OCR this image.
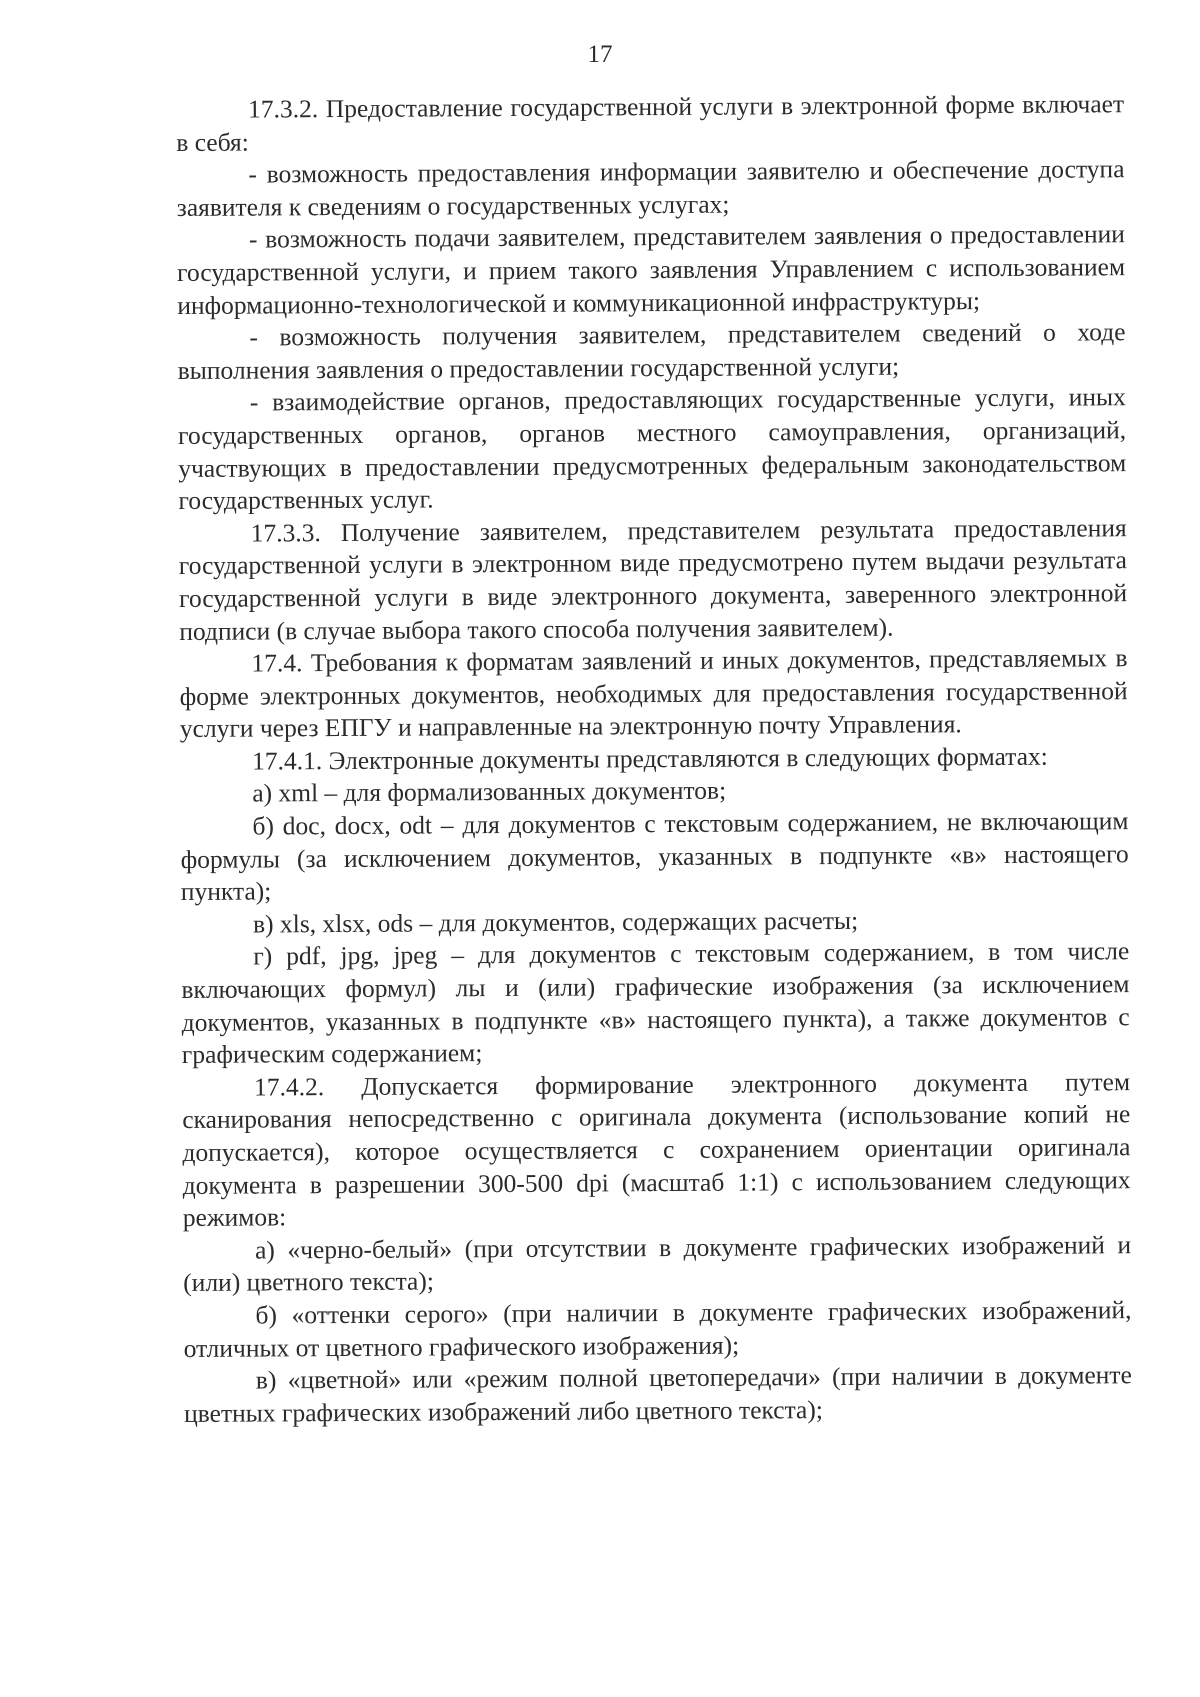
17

17.3.2. Предоставление государственной услуги в электронной форме включает в себя:

- возможность предоставления информации заявителю и обеспечение доступа заявителя к сведениям о государственных услугах;

- возможность подачи заявителем, представителем заявления о предоставлении государственной услуги, и прием такого заявления Управлением с использованием информационно-технологической и коммуникационной инфраструктуры;

- возможность получения заявителем, представителем сведений о ходе выполнения заявления о предоставлении государственной услуги;

- взаимодействие органов, предоставляющих государственные услуги, иных государственных органов, органов местного самоуправления, организаций, участвующих в предоставлении предусмотренных федеральным законодательством государственных услуг.

17.3.3. Получение заявителем, представителем результата предоставления государственной услуги в электронном виде предусмотрено путем выдачи результата государственной услуги в виде электронного документа, заверенного электронной подписи (в случае выбора такого способа получения заявителем).

17.4. Требования к форматам заявлений и иных документов, представляемых в форме электронных документов, необходимых для предоставления государственной услуги через ЕПГУ и направленные на электронную почту Управления.

17.4.1. Электронные документы представляются в следующих форматах:

а) xml – для формализованных документов;

б) doc, docx, odt – для документов с текстовым содержанием, не включающим формулы (за исключением документов, указанных в подпункте «в» настоящего пункта);

в) xls, xlsx, ods – для документов, содержащих расчеты;

г) pdf, jpg, jpeg – для документов с текстовым содержанием, в том числе включающих формул) лы и (или) графические изображения (за исключением документов, указанных в подпункте «в» настоящего пункта), а также документов с графическим содержанием;

17.4.2. Допускается формирование электронного документа путем сканирования непосредственно с оригинала документа (использование копий не допускается), которое осуществляется с сохранением ориентации оригинала документа в разрешении 300-500 dpi (масштаб 1:1) с использованием следующих режимов:

а) «черно-белый» (при отсутствии в документе графических изображений и (или) цветного текста);

б) «оттенки серого» (при наличии в документе графических изображений, отличных от цветного графического изображения);

в) «цветной» или «режим полной цветопередачи» (при наличии в документе цветных графических изображений либо цветного текста);
